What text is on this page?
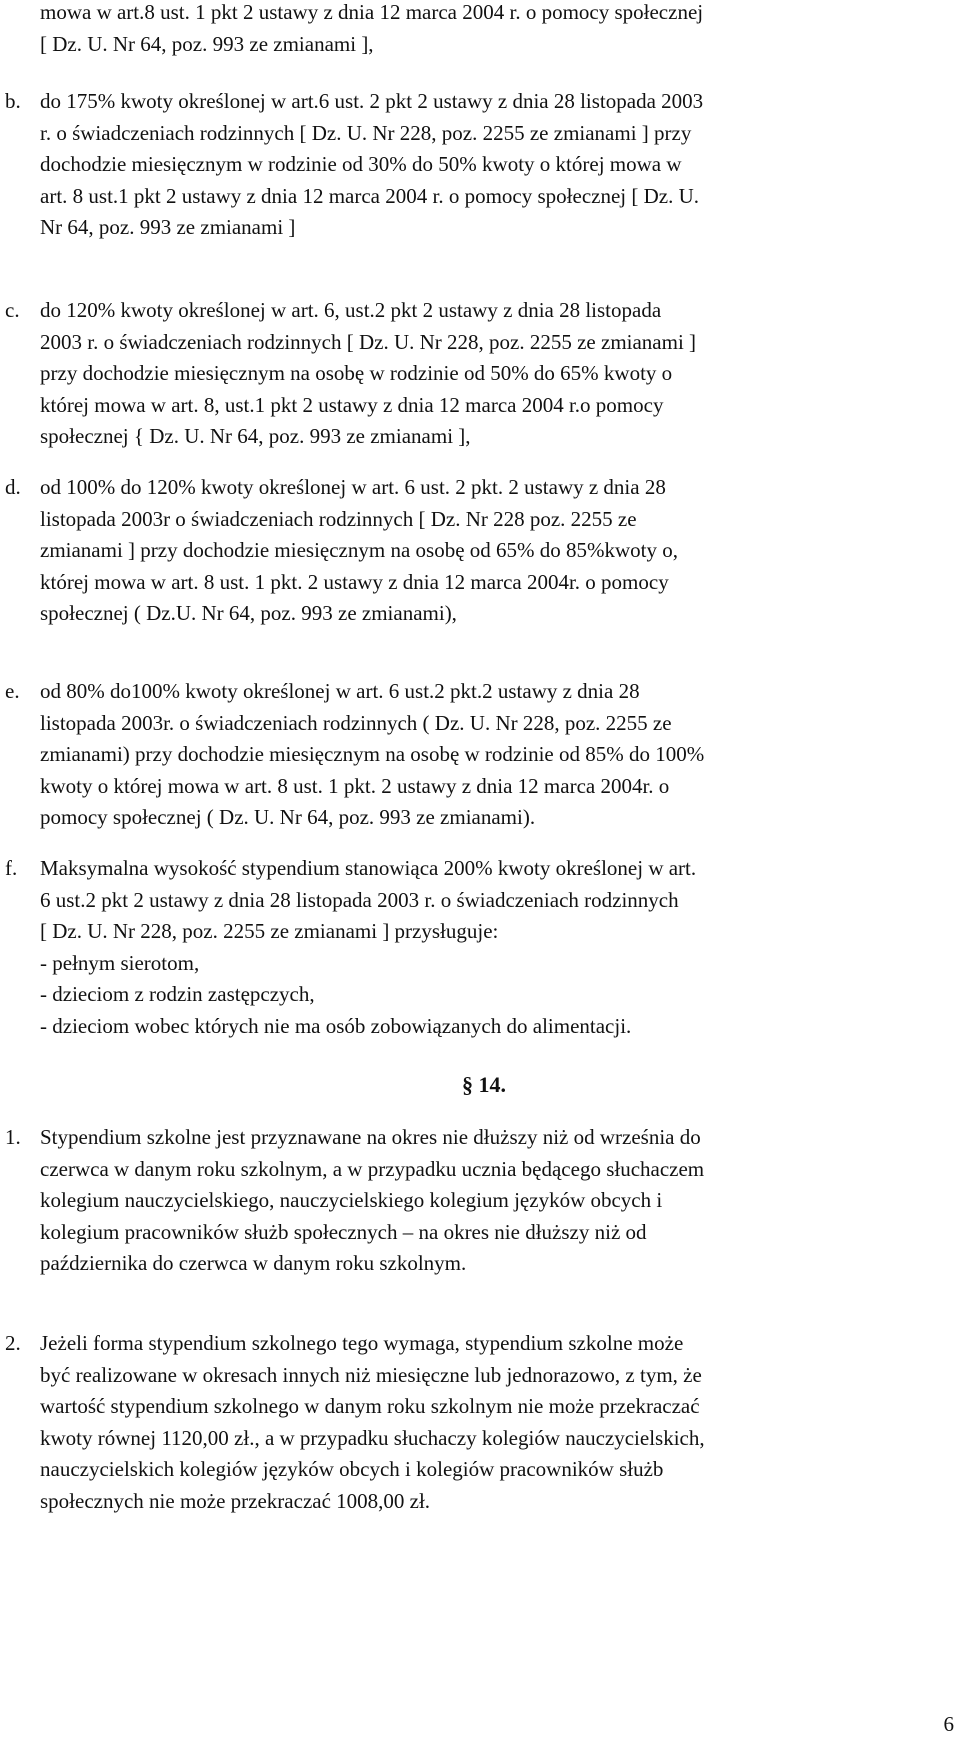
mowa w art.8 ust. 1 pkt 2 ustawy z dnia 12 marca 2004 r. o pomocy społecznej
[ Dz. U. Nr 64, poz. 993 ze zmianami ],
b. do 175% kwoty określonej w art.6 ust. 2 pkt 2 ustawy z dnia 28 listopada 2003
r. o świadczeniach rodzinnych [ Dz. U. Nr 228, poz. 2255 ze zmianami ] przy
dochodzie miesięcznym w rodzinie od 30% do 50% kwoty o której mowa w
art. 8 ust.1 pkt 2 ustawy z dnia 12 marca 2004 r. o pomocy społecznej [ Dz. U.
Nr 64, poz. 993 ze zmianami ]
c. do 120% kwoty określonej w art. 6, ust.2 pkt 2 ustawy z dnia 28 listopada
2003 r. o świadczeniach rodzinnych [ Dz. U. Nr 228, poz. 2255 ze zmianami ]
przy dochodzie miesięcznym na osobę w rodzinie od 50% do 65% kwoty o
której mowa w art. 8, ust.1 pkt 2 ustawy z dnia 12 marca 2004 r.o pomocy
społecznej { Dz. U. Nr 64, poz. 993 ze zmianami ],
d. od 100% do 120% kwoty określonej w art. 6 ust. 2 pkt. 2 ustawy z dnia 28
listopada 2003r o świadczeniach rodzinnych [ Dz. Nr 228 poz. 2255 ze
zmianami ] przy dochodzie miesięcznym na osobę od 65% do 85%kwoty o,
której mowa w art. 8 ust. 1 pkt. 2 ustawy z dnia 12 marca 2004r. o pomocy
społecznej ( Dz.U. Nr 64, poz. 993 ze zmianami),
e. od 80% do100% kwoty określonej w art. 6 ust.2 pkt.2 ustawy z dnia 28
listopada 2003r. o świadczeniach rodzinnych ( Dz. U. Nr 228, poz. 2255 ze
zmianami) przy dochodzie miesięcznym na osobę w rodzinie od 85% do 100%
kwoty o której mowa w art. 8 ust. 1 pkt. 2 ustawy z dnia 12 marca 2004r. o
pomocy społecznej ( Dz. U. Nr 64, poz. 993 ze zmianami).
f. Maksymalna wysokość stypendium stanowiąca 200% kwoty określonej w art.
6 ust.2 pkt 2 ustawy z dnia 28 listopada 2003 r. o świadczeniach rodzinnych
[ Dz. U. Nr 228, poz. 2255 ze zmianami ] przysługuje:
- pełnym sierotom,
- dzieciom z rodzin zastępczych,
- dzieciom wobec których nie ma osób zobowiązanych do alimentacji.
§ 14.
1. Stypendium szkolne jest przyznawane na okres nie dłuższy niż od września do
czerwca w danym roku szkolnym, a w przypadku ucznia będącego słuchaczem
kolegium nauczycielskiego, nauczycielskiego kolegium języków obcych i
kolegium pracowników służb społecznych – na okres nie dłuższy niż od
października do czerwca w danym roku szkolnym.
2. Jeżeli forma stypendium szkolnego tego wymaga, stypendium szkolne może
być realizowane w okresach innych niż miesięczne lub jednorazowo, z tym, że
wartość stypendium szkolnego w danym roku szkolnym nie może przekraczać
kwoty równej 1120,00 zł., a w przypadku słuchaczy kolegiów nauczycielskich,
nauczycielskich kolegiów języków obcych i kolegiów pracowników służb
społecznych nie może przekraczać 1008,00 zł.
6
